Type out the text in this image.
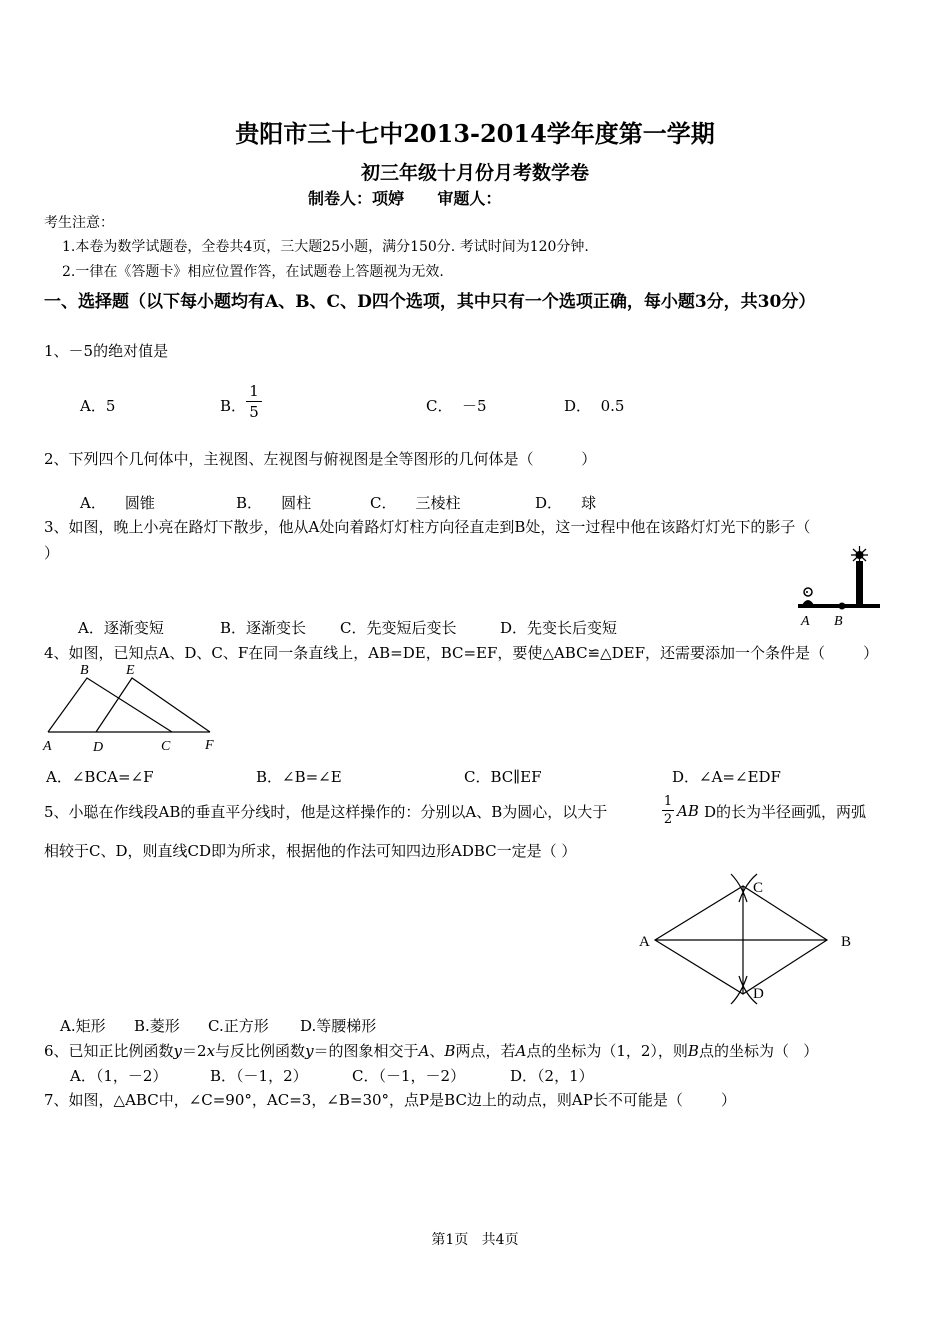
贵阳市三十七中2013-2014学年度第一学期
初三年级十月份月考数学卷
制卷人：项婷      审题人：
考生注意：
1.本卷为数学试题卷，全卷共4页，三大题25小题，满分150分. 考试时间为120分钟.
2.一律在《答题卡》相应位置作答，在试题卷上答题视为无效.
一、选择题（以下每小题均有A、B、C、D四个选项，其中只有一个选项正确，每小题3分，共30分）
1、－5的绝对值是
A．5	B．
1
5	C．  －5	D．  0.5
2、下列四个几何体中，主视图、左视图与俯视图是全等图形的几何体是（          ）
A．    圆锥	B．    圆柱	C．    三棱柱	D．    球
3、如图，晚上小亮在路灯下散步，他从A处向着路灯灯柱方向径直走到B处，这一过程中他在该路灯灯光下的影子（
）
A．逐渐变短	B．逐渐变长 C．先变短后变长	D．先变长后变短	A B
4、如图，已知点A、D、C、F在同一条直线上，AB=DE，BC=EF，要使△ABC≌△DEF，还需要添加一个条件是（        ）
B	E
A	D	C F
A．∠BCA=∠F	B．∠B=∠E	C．BC∥EF	D．∠A=∠EDF
5、小聪在作线段AB的垂直平分线时，他是这样操作的：分别以A、B为圆心，以大于
1
2 AB D的长为半径画弧，两弧
相较于C、D，则直线CD即为所求，根据他的作法可知四边形ADBC一定是（ ）
A	B
C
D
A.矩形 B.菱形 C.正方形 D.等腰梯形
6、已知正比例函数y＝2x与反比例函数y＝的图象相交于A、B两点，若A点的坐标为（1，2），则B点的坐标为（   ）
A．（1，－2）	B．（－1，2）	C．（－1，－2）	D．（2，1）
7、如图，△ABC中，∠C=90°，AC=3，∠B=30°，点P是BC边上的动点，则AP长不可能是（        ）
第1页   共4页
